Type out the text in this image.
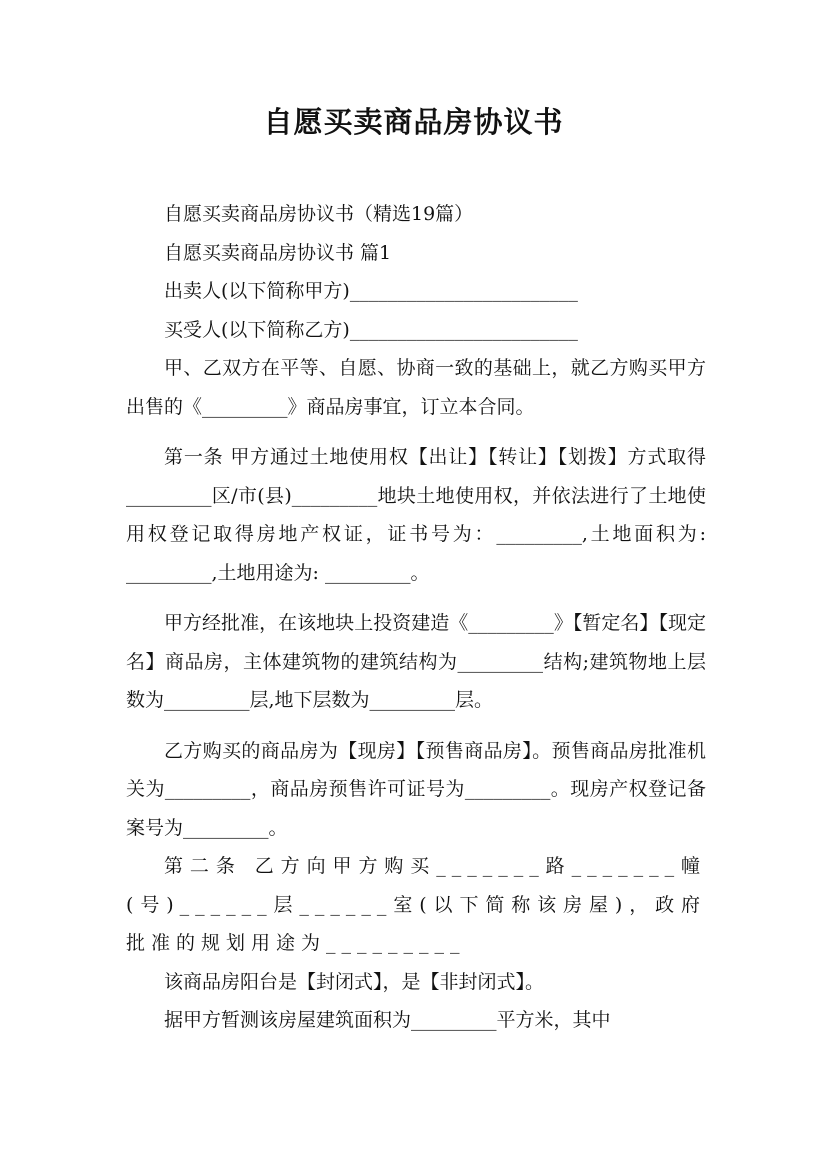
自愿买卖商品房协议书

自愿买卖商品房协议书（精选19篇）

自愿买卖商品房协议书 篇1

出卖人(以下简称甲方)________________________

买受人(以下简称乙方)________________________

甲、乙双方在平等、自愿、协商一致的基础上，就乙方购买甲方出售的《_________》商品房事宜，订立本合同。

第一条 甲方通过土地使用权【出让】【转让】【划拨】方式取得_________区/市(县)_________地块土地使用权，并依法进行了土地使用权登记取得房地产权证，证书号为：_________,土地面积为: _________,土地用途为: _________。

甲方经批准，在该地块上投资建造《_________》【暂定名】【现定名】商品房，主体建筑物的建筑结构为_________结构;建筑物地上层数为_________层,地下层数为_________层。

乙方购买的商品房为【现房】【预售商品房】。预售商品房批准机关为_________，商品房预售许可证号为_________。现房产权登记备案号为_________。

第二条 乙方向甲方购买_______路_______幢(号)______层______室(以下简称该房屋)，政府批准的规划用途为_________

该商品房阳台是【封闭式】，是【非封闭式】。

据甲方暂测该房屋建筑面积为_________平方米，其中
